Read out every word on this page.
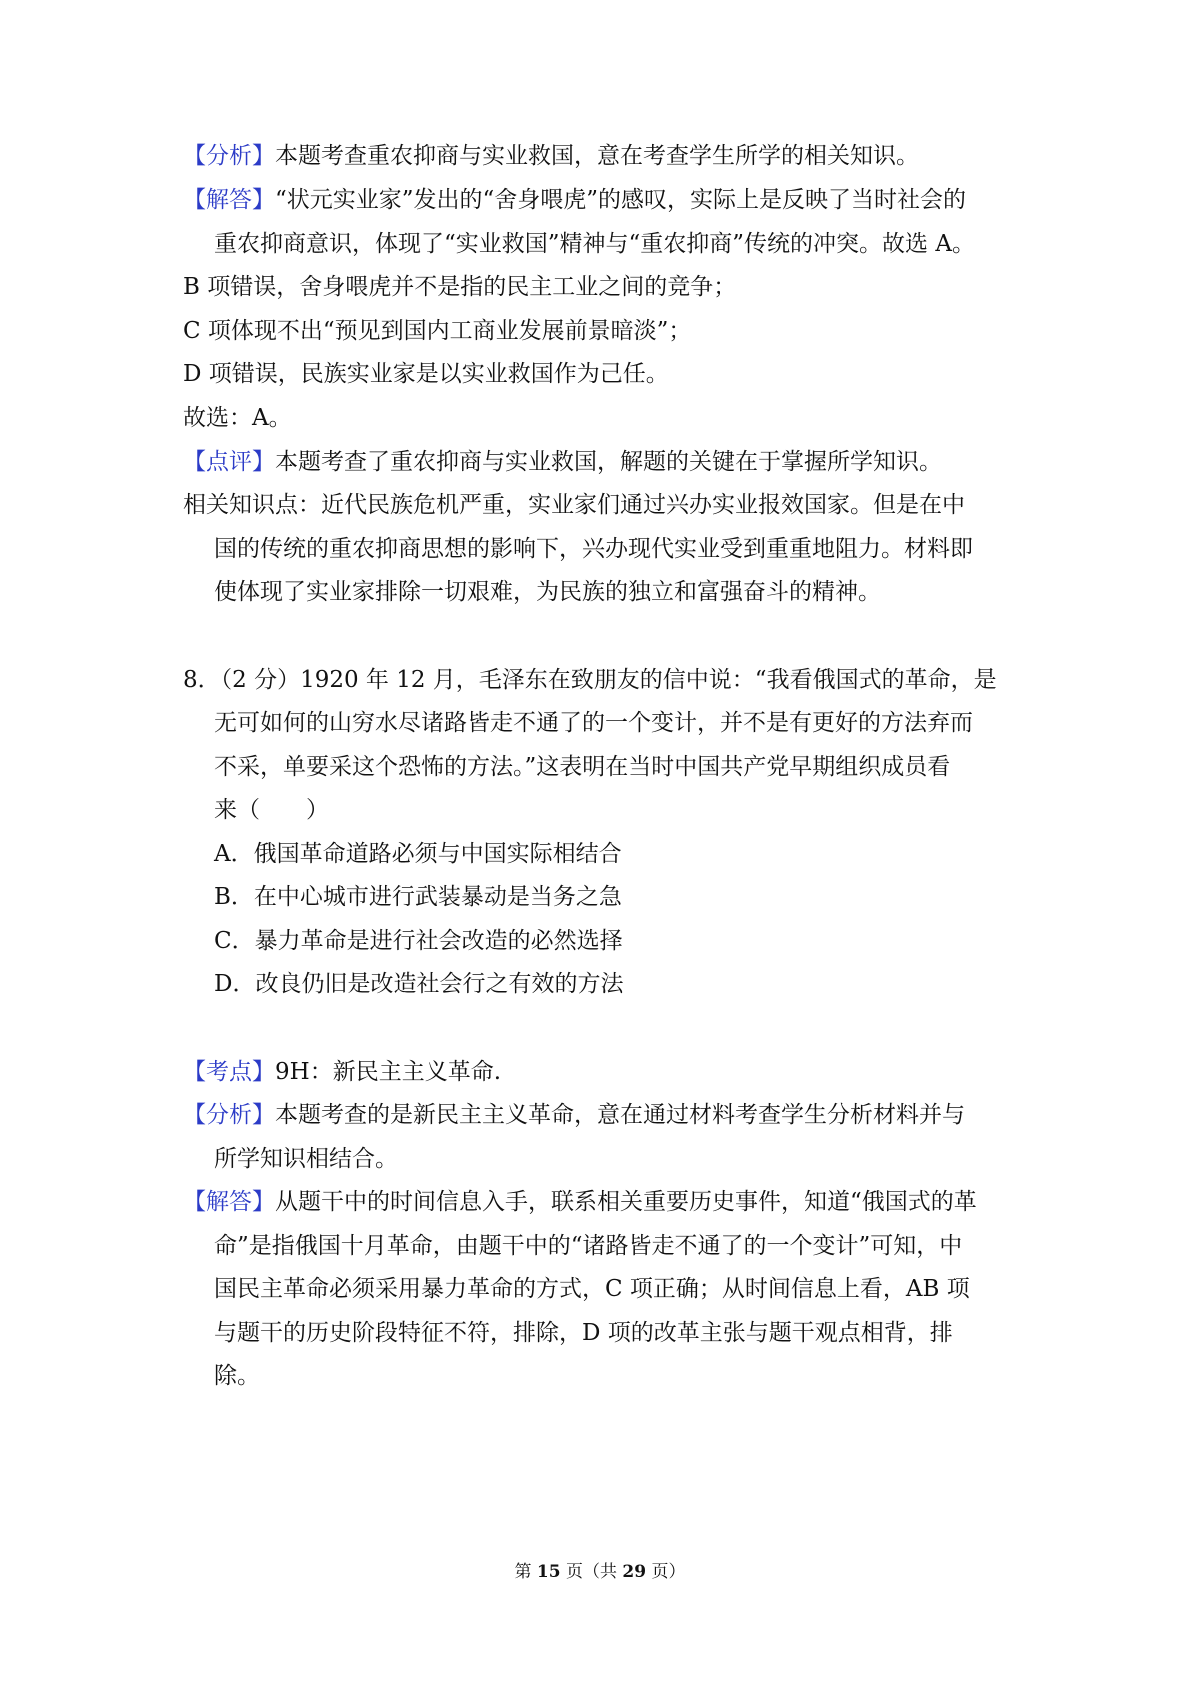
【分析】本题考查重农抑商与实业救国，意在考查学生所学的相关知识。
【解答】“状元实业家”发出的“舍身喂虎”的感叹，实际上是反映了当时社会的
重农抑商意识，体现了“实业救国”精神与“重农抑商”传统的冲突。故选 A。
B 项错误，舍身喂虎并不是指的民主工业之间的竞争；
C 项体现不出“预见到国内工商业发展前景暗淡”；
D 项错误，民族实业家是以实业救国作为己任。
故选：A。
【点评】本题考查了重农抑商与实业救国，解题的关键在于掌握所学知识。
相关知识点：近代民族危机严重，实业家们通过兴办实业报效国家。但是在中
国的传统的重农抑商思想的影响下，兴办现代实业受到重重地阻力。材料即
使体现了实业家排除一切艰难，为民族的独立和富强奋斗的精神。
8．（2 分）1920 年 12 月，毛泽东在致朋友的信中说：“我看俄国式的革命，是
无可如何的山穷水尽诸路皆走不通了的一个变计，并不是有更好的方法弃而
不采，单要采这个恐怖的方法。”这表明在当时中国共产党早期组织成员看
来（　　）
A．俄国革命道路必须与中国实际相结合
B．在中心城市进行武装暴动是当务之急
C．暴力革命是进行社会改造的必然选择
D．改良仍旧是改造社会行之有效的方法
【考点】9H：新民主主义革命.
【分析】本题考查的是新民主主义革命，意在通过材料考查学生分析材料并与
所学知识相结合。
【解答】从题干中的时间信息入手，联系相关重要历史事件，知道“俄国式的革
命”是指俄国十月革命，由题干中的“诸路皆走不通了的一个变计”可知，中
国民主革命必须采用暴力革命的方式，C 项正确；从时间信息上看，AB 项
与题干的历史阶段特征不符，排除，D 项的改革主张与题干观点相背，排
除。
第 15 页（共 29 页）
